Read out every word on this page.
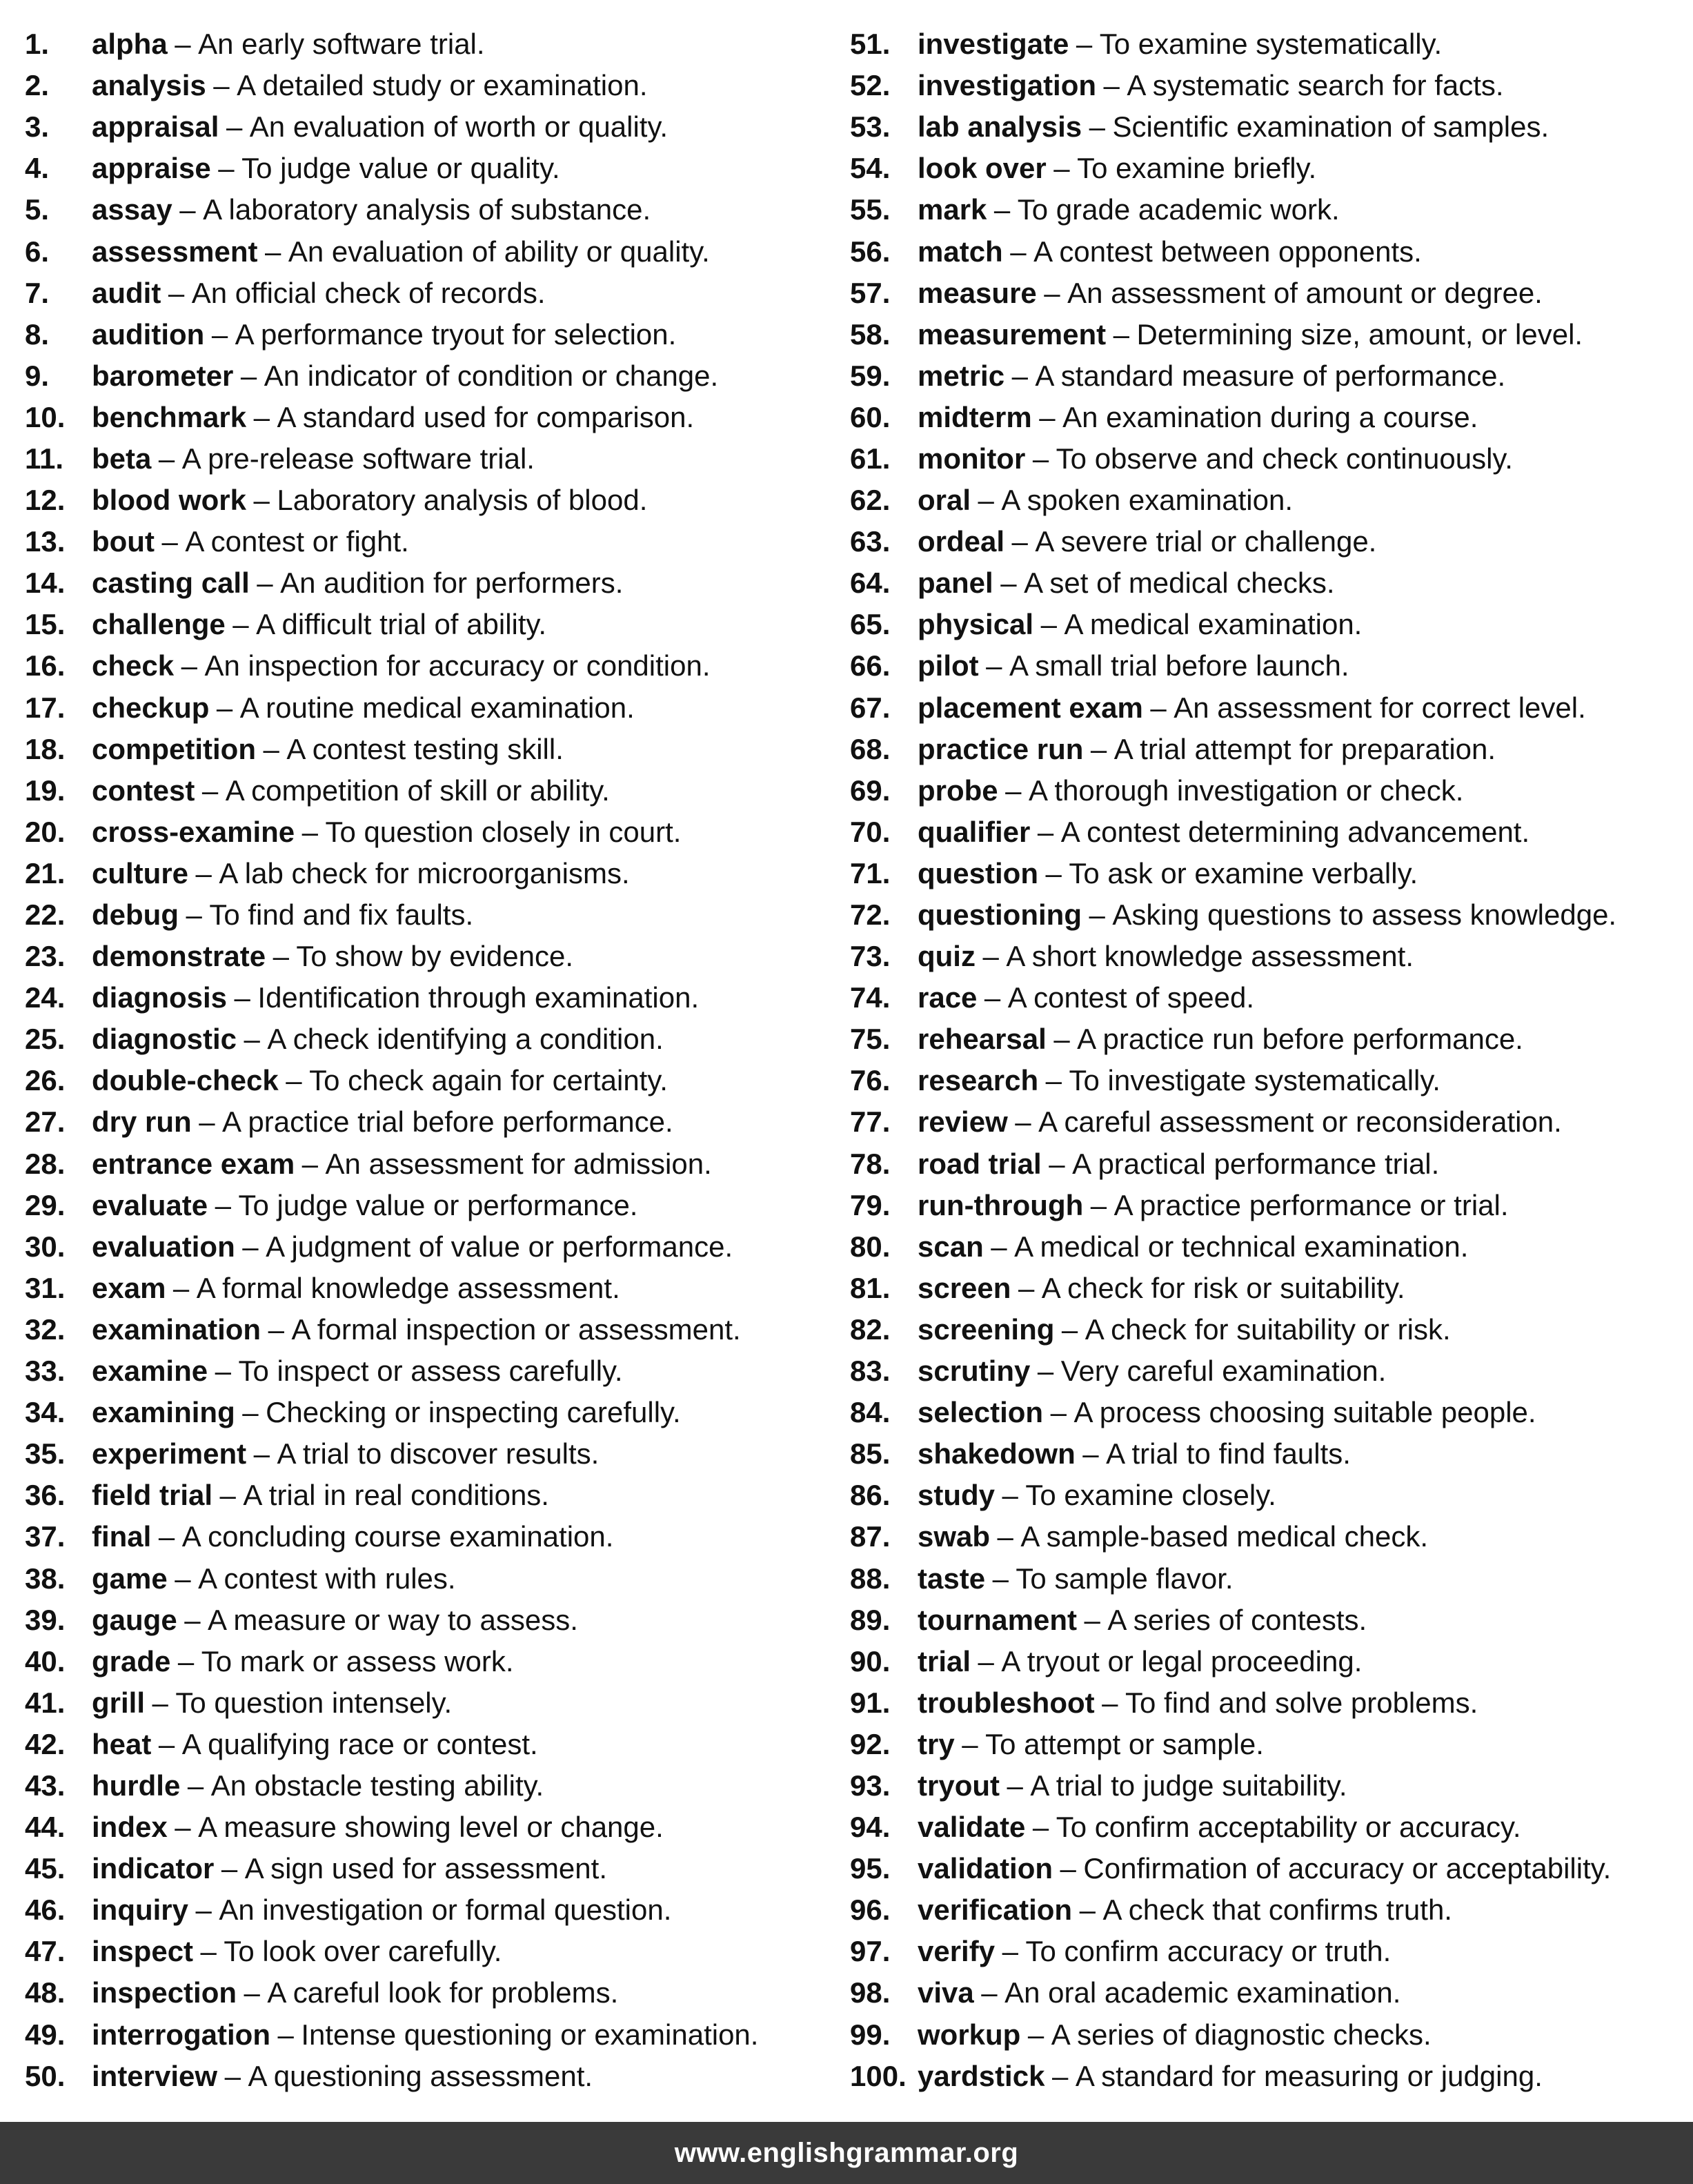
1.	alpha – An early software trial.
2.	analysis – A detailed study or examination.
3.	appraisal – An evaluation of worth or quality.
4.	appraise – To judge value or quality.
5.	assay – A laboratory analysis of substance.
6.	assessment – An evaluation of ability or quality.
7.	audit – An official check of records.
8.	audition – A performance tryout for selection.
9.	barometer – An indicator of condition or change.
10. benchmark – A standard used for comparison.
11. beta – A pre-release software trial.
12. blood work – Laboratory analysis of blood.
13. bout – A contest or fight.
14. casting call – An audition for performers.
15. challenge – A difficult trial of ability.
16. check – An inspection for accuracy or condition.
17. checkup – A routine medical examination.
18. competition – A contest testing skill.
19. contest – A competition of skill or ability.
20. cross-examine – To question closely in court.
21. culture – A lab check for microorganisms.
22. debug – To find and fix faults.
23. demonstrate – To show by evidence.
24. diagnosis – Identification through examination.
25. diagnostic – A check identifying a condition.
26. double-check – To check again for certainty.
27. dry run – A practice trial before performance.
28. entrance exam – An assessment for admission.
29. evaluate – To judge value or performance.
30. evaluation – A judgment of value or performance.
31. exam – A formal knowledge assessment.
32. examination – A formal inspection or assessment.
33. examine – To inspect or assess carefully.
34. examining – Checking or inspecting carefully.
35. experiment – A trial to discover results.
36. field trial – A trial in real conditions.
37. final – A concluding course examination.
38. game – A contest with rules.
39. gauge – A measure or way to assess.
40. grade – To mark or assess work.
41. grill – To question intensely.
42. heat – A qualifying race or contest.
43. hurdle – An obstacle testing ability.
44. index – A measure showing level or change.
45. indicator – A sign used for assessment.
46. inquiry – An investigation or formal question.
47. inspect – To look over carefully.
48. inspection – A careful look for problems.
49. interrogation – Intense questioning or examination.
50. interview – A questioning assessment.
51. investigate – To examine systematically.
52. investigation – A systematic search for facts.
53. lab analysis – Scientific examination of samples.
54. look over – To examine briefly.
55. mark – To grade academic work.
56. match – A contest between opponents.
57. measure – An assessment of amount or degree.
58. measurement – Determining size, amount, or level.
59. metric – A standard measure of performance.
60. midterm – An examination during a course.
61. monitor – To observe and check continuously.
62. oral – A spoken examination.
63. ordeal – A severe trial or challenge.
64. panel – A set of medical checks.
65. physical – A medical examination.
66. pilot – A small trial before launch.
67. placement exam – An assessment for correct level.
68. practice run – A trial attempt for preparation.
69. probe – A thorough investigation or check.
70. qualifier – A contest determining advancement.
71. question – To ask or examine verbally.
72. questioning – Asking questions to assess knowledge.
73. quiz – A short knowledge assessment.
74. race – A contest of speed.
75. rehearsal – A practice run before performance.
76. research – To investigate systematically.
77. review – A careful assessment or reconsideration.
78. road trial – A practical performance trial.
79. run-through – A practice performance or trial.
80. scan – A medical or technical examination.
81. screen – A check for risk or suitability.
82. screening – A check for suitability or risk.
83. scrutiny – Very careful examination.
84. selection – A process choosing suitable people.
85. shakedown – A trial to find faults.
86. study – To examine closely.
87. swab – A sample-based medical check.
88. taste – To sample flavor.
89. tournament – A series of contests.
90. trial – A tryout or legal proceeding.
91. troubleshoot – To find and solve problems.
92. try – To attempt or sample.
93. tryout – A trial to judge suitability.
94. validate – To confirm acceptability or accuracy.
95. validation – Confirmation of accuracy or acceptability.
96. verification – A check that confirms truth.
97. verify – To confirm accuracy or truth.
98. viva – An oral academic examination.
99. workup – A series of diagnostic checks.
100. yardstick – A standard for measuring or judging.
www.englishgrammar.org
